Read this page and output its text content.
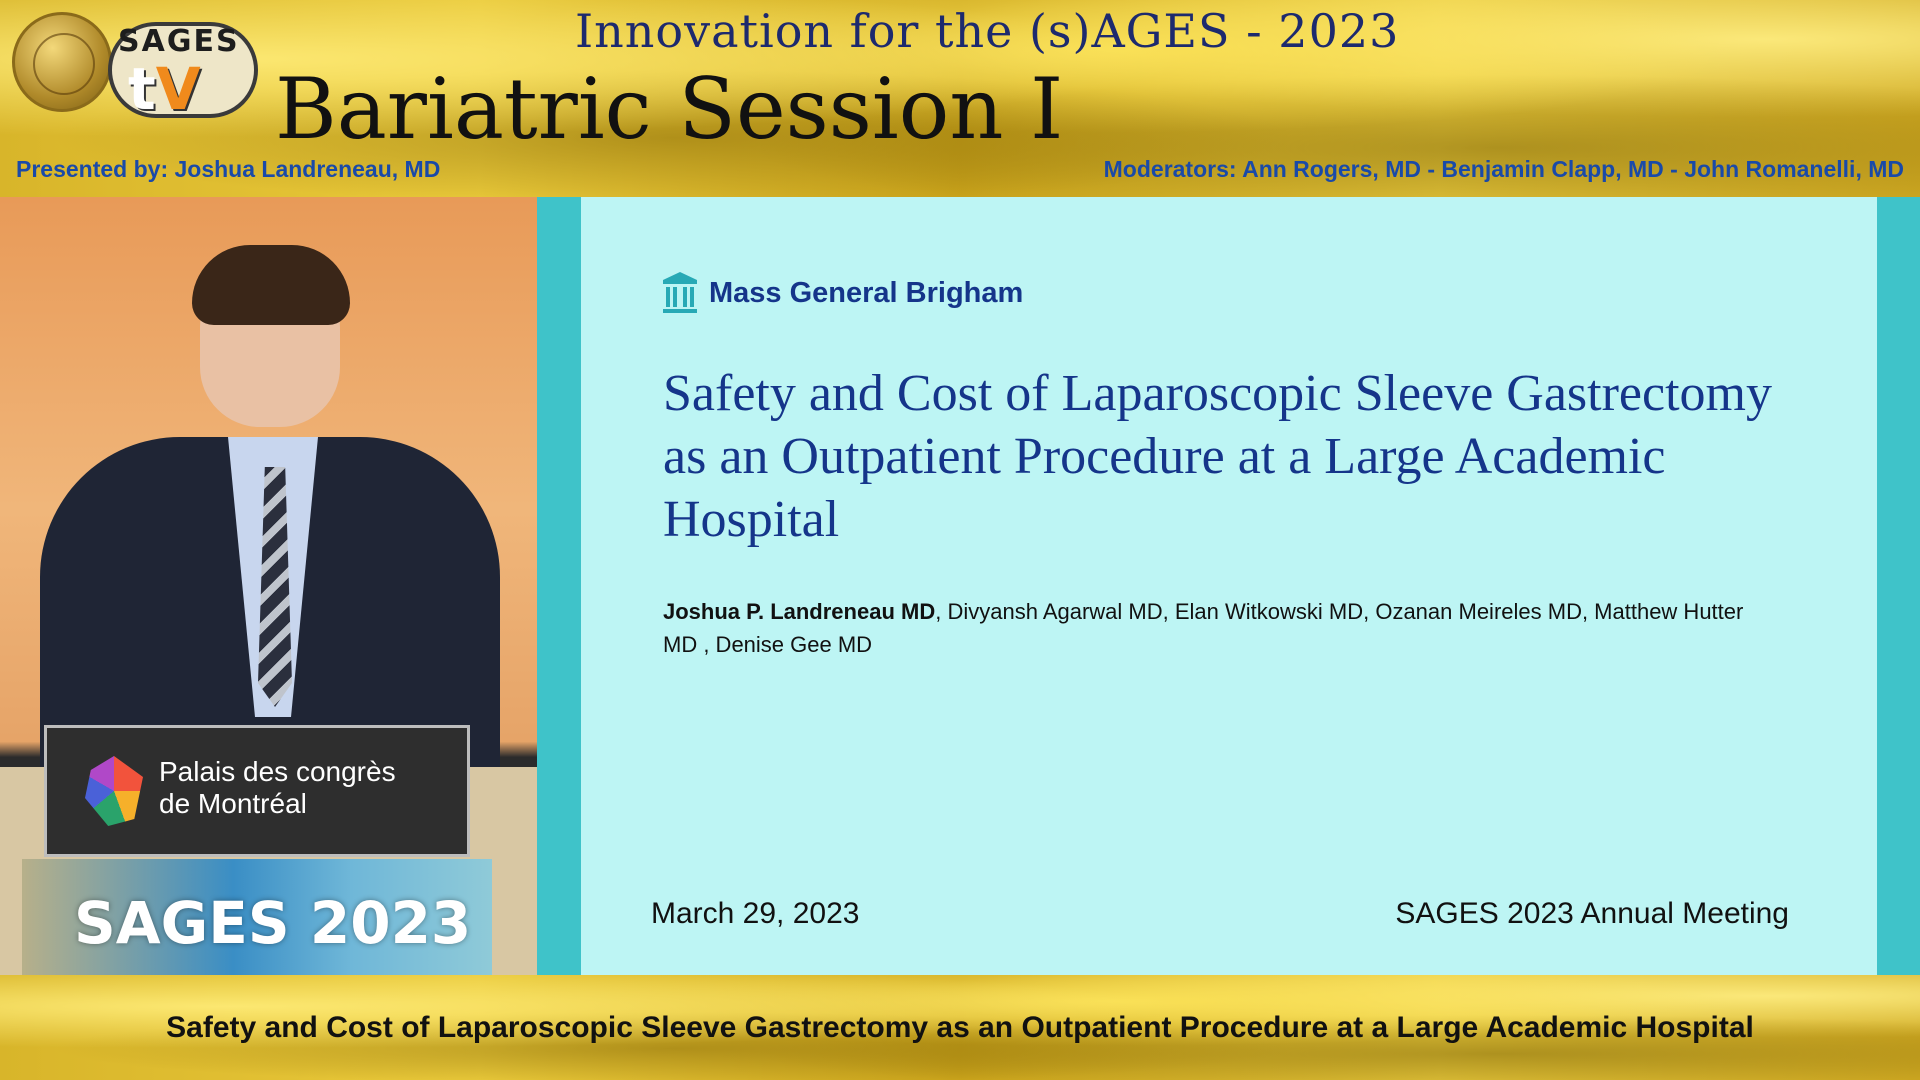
SAGES
tV
Innovation for the (s)AGES - 2023
Bariatric Session I
Presented by: Joshua Landreneau, MD	Moderators: Ann Rogers, MD - Benjamin Clapp, MD - John Romanelli, MD
Palais des congrès
de Montréal
SAGES 2023
Mass General Brigham
Safety and Cost of Laparoscopic Sleeve Gastrectomy as an Outpatient Procedure at a Large Academic Hospital
Joshua P. Landreneau MD, Divyansh Agarwal MD, Elan Witkowski MD, Ozanan Meireles MD, Matthew Hutter MD , Denise Gee MD
March 29, 2023	SAGES 2023 Annual Meeting
Safety and Cost of Laparoscopic Sleeve Gastrectomy as an Outpatient Procedure at a Large Academic Hospital
